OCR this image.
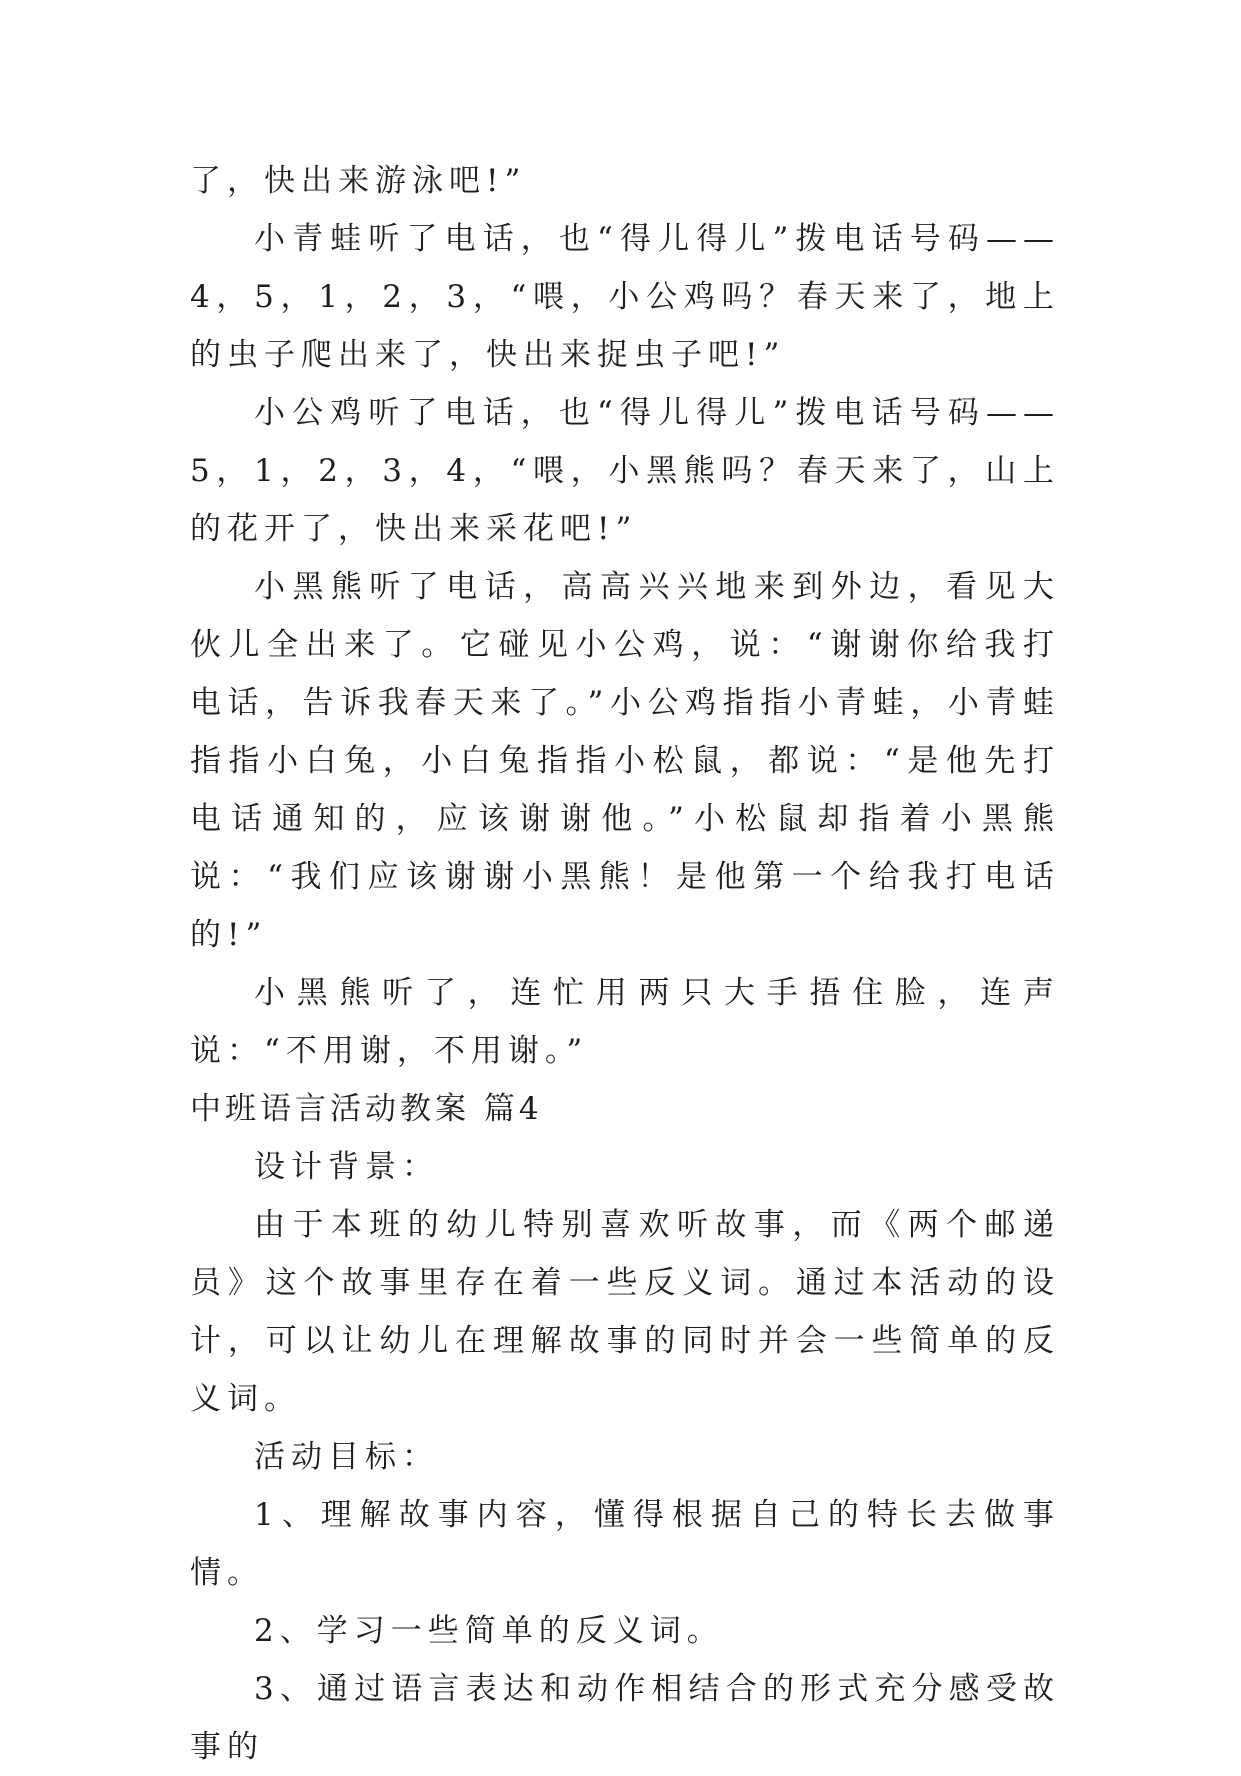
了，快出来游泳吧!”

小青蛙听了电话，也“得儿得儿”拨电话号码——4，5，1，2，3，“喂，小公鸡吗？春天来了，地上的虫子爬出来了，快出来捉虫子吧!”

小公鸡听了电话，也“得儿得儿”拨电话号码——5，1，2，3，4，“喂，小黑熊吗？春天来了，山上的花开了，快出来采花吧!”

小黑熊听了电话，高高兴兴地来到外边，看见大伙儿全出来了。它碰见小公鸡，说：“谢谢你给我打电话，告诉我春天来了。”小公鸡指指小青蛙，小青蛙指指小白兔，小白兔指指小松鼠，都说：“是他先打电话通知的，应该谢谢他。”小松鼠却指着小黑熊说：“我们应该谢谢小黑熊！是他第一个给我打电话的!”

小黑熊听了，连忙用两只大手捂住脸，连声说：“不用谢，不用谢。”

中班语言活动教案 篇4

设计背景：

由于本班的幼儿特别喜欢听故事，而《两个邮递员》这个故事里存在着一些反义词。通过本活动的设计，可以让幼儿在理解故事的同时并会一些简单的反义词。

活动目标：

1、理解故事内容，懂得根据自己的特长去做事情。

2、学习一些简单的反义词。

3、通过语言表达和动作相结合的形式充分感受故事的
